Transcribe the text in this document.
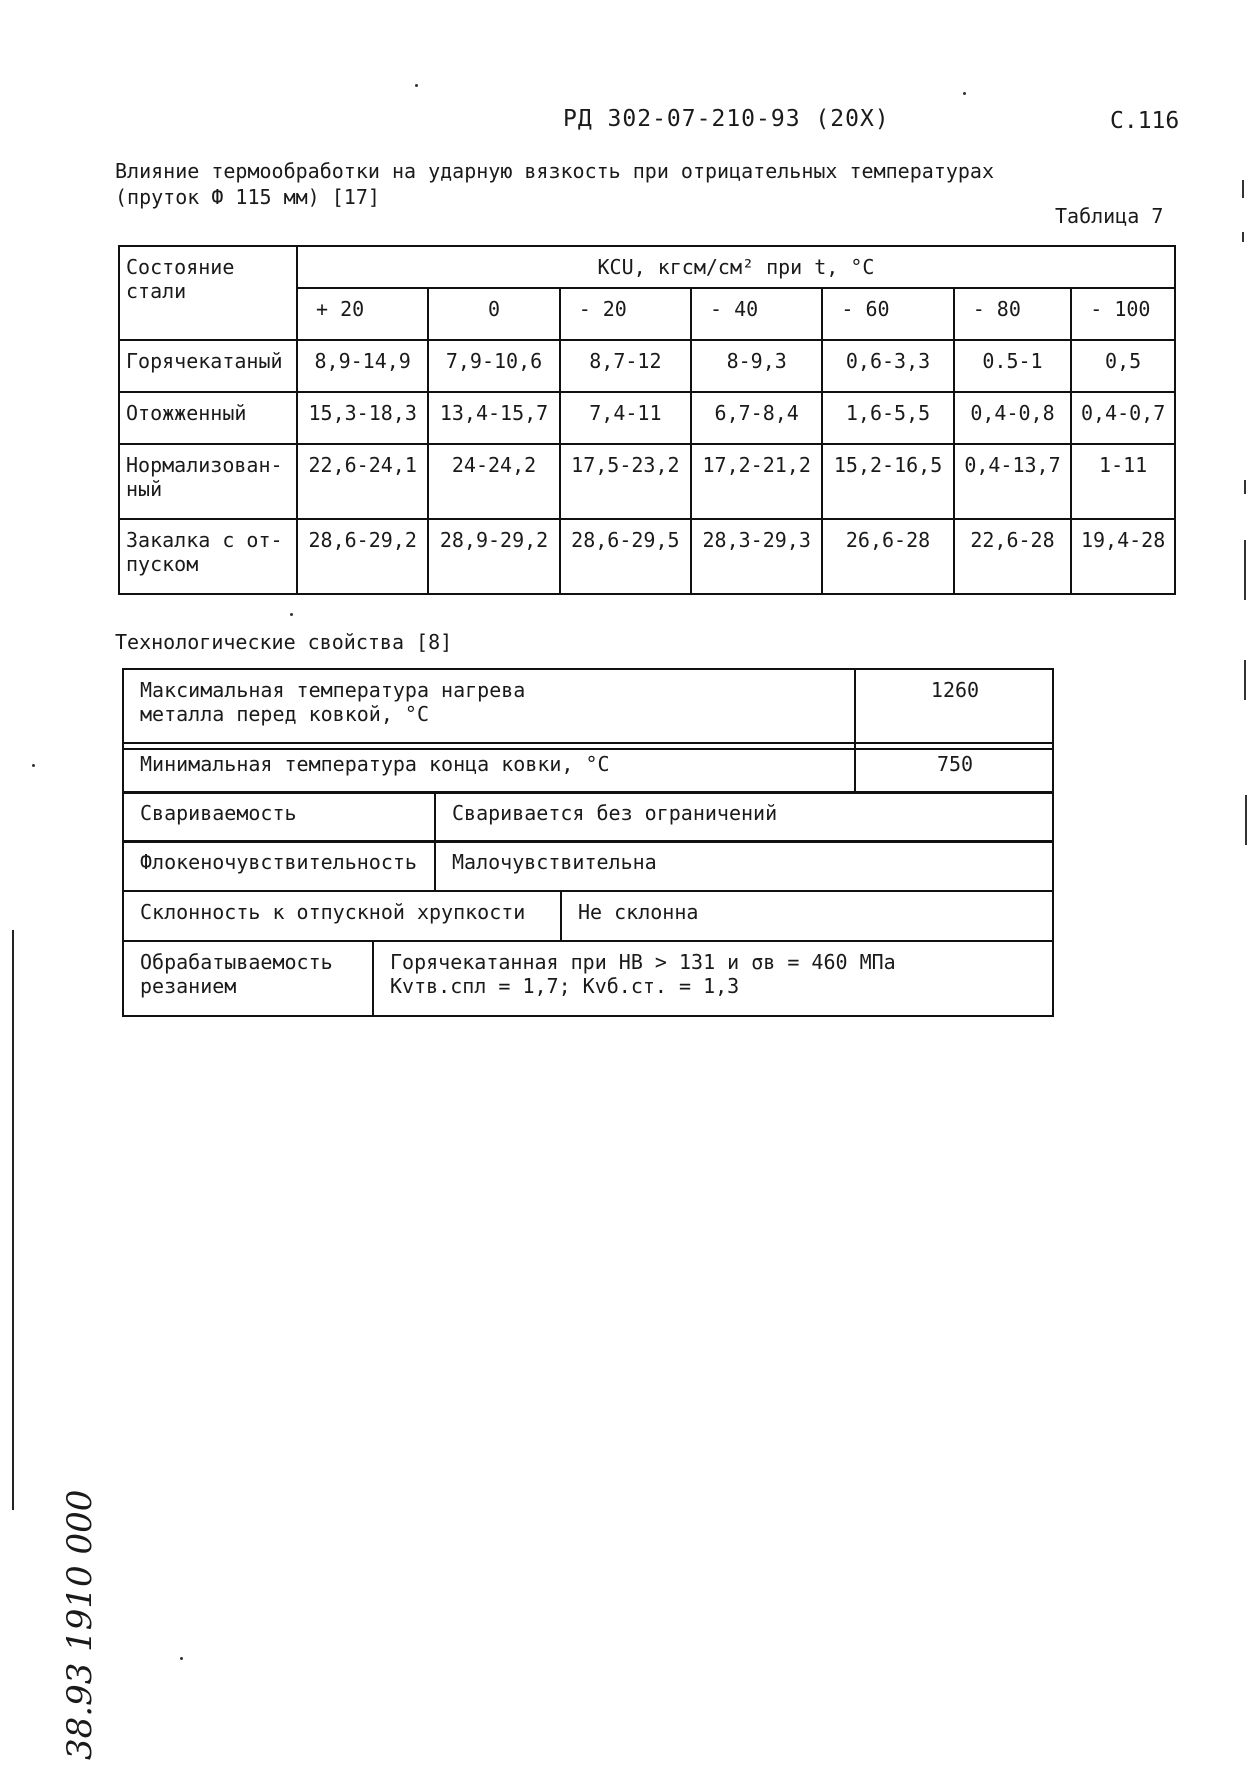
РД 302-07-210-93 (20Х)	С.116
Влияние термообработки на ударную вязкость при отрицательных температурах
(пруток Ф 115 мм) [17]
Таблица 7
Состояние
стали	KCU, кгсм/см² при t, °С						
	+ 20	0	- 20	- 40	- 60	- 80	- 100
Горячекатаный	8,9-14,9	7,9-10,6	8,7-12	8-9,3	0,6-3,3	0.5-1	0,5
Отожженный	15,3-18,3	13,4-15,7	7,4-11	6,7-8,4	1,6-5,5	0,4-0,8	0,4-0,7
Нормализован-
ный	22,6-24,1	24-24,2	17,5-23,2	17,2-21,2	15,2-16,5	0,4-13,7	1-11
Закалка с от-
пуском	28,6-29,2	28,9-29,2	28,6-29,5	28,3-29,3	26,6-28	22,6-28	19,4-28
Технологические свойства [8]
Максимальная температура нагрева
металла перед ковкой, °С	1260
Минимальная температура конца ковки, °С	750
Свариваемость	Сваривается без ограничений
Флокеночувствительность	Малочувствительна
Склонность к отпускной хрупкости	Не склонна
Обрабатываемость
резанием	Горячекатанная при НВ > 131 и σв = 460 МПа
Kvтв.спл = 1,7; Kvб.ст. = 1,3
38.93 1910 000
